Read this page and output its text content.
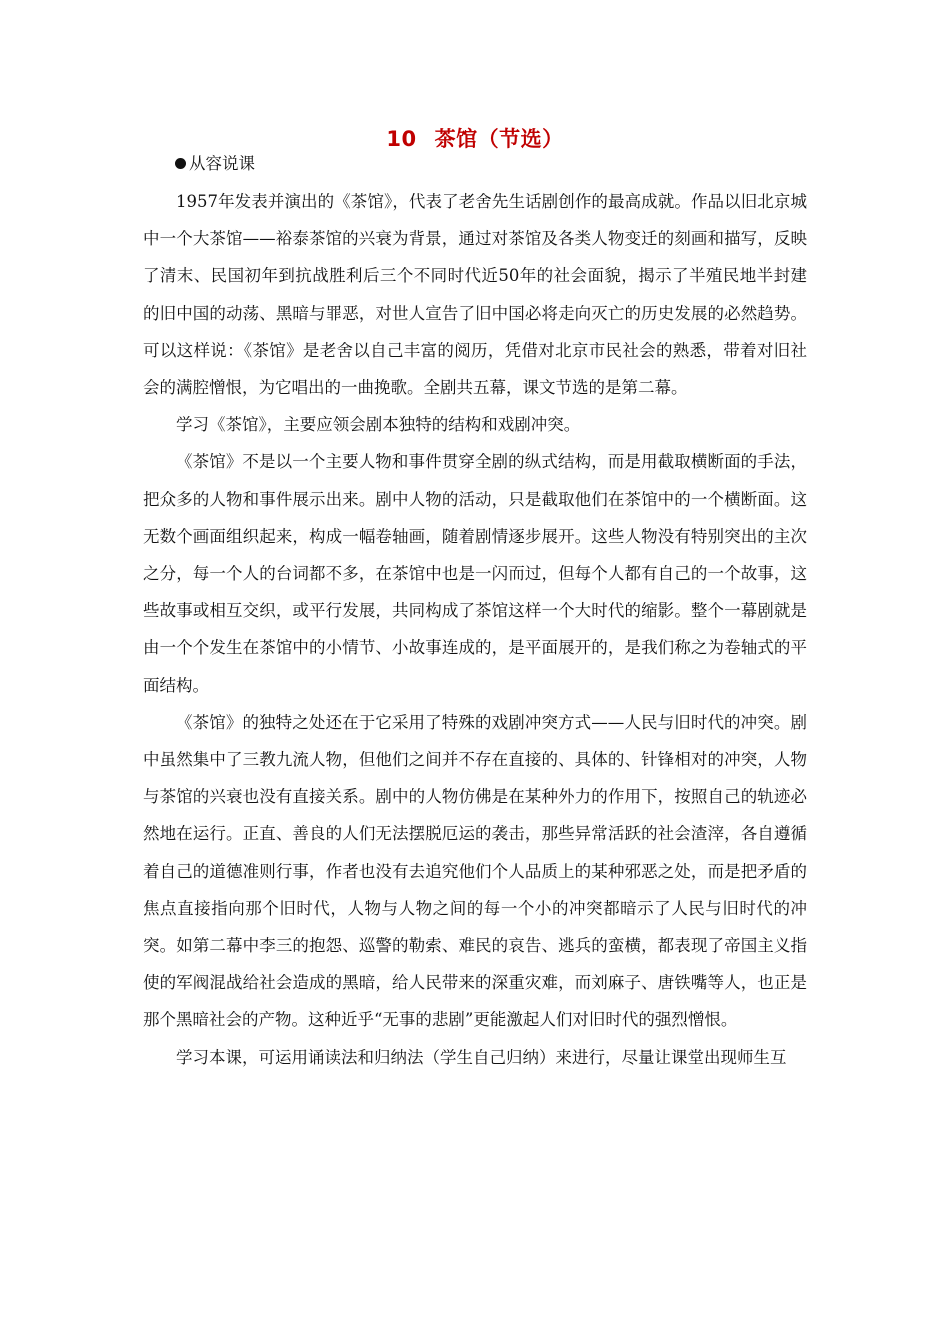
10 茶馆（节选）
从容说课

1957年发表并演出的《茶馆》，代表了老舍先生话剧创作的最高成就。作品以旧北京城中一个大茶馆——裕泰茶馆的兴衰为背景，通过对茶馆及各类人物变迁的刻画和描写，反映了清末、民国初年到抗战胜利后三个不同时代近50年的社会面貌，揭示了半殖民地半封建的旧中国的动荡、黑暗与罪恶，对世人宣告了旧中国必将走向灭亡的历史发展的必然趋势。可以这样说：《茶馆》是老舍以自己丰富的阅历，凭借对北京市民社会的熟悉，带着对旧社会的满腔憎恨，为它唱出的一曲挽歌。全剧共五幕，课文节选的是第二幕。

学习《茶馆》，主要应领会剧本独特的结构和戏剧冲突。

《茶馆》不是以一个主要人物和事件贯穿全剧的纵式结构，而是用截取横断面的手法，把众多的人物和事件展示出来。剧中人物的活动，只是截取他们在茶馆中的一个横断面。这无数个画面组织起来，构成一幅卷轴画，随着剧情逐步展开。这些人物没有特别突出的主次之分，每一个人的台词都不多，在茶馆中也是一闪而过，但每个人都有自己的一个故事，这些故事或相互交织，或平行发展，共同构成了茶馆这样一个大时代的缩影。整个一幕剧就是由一个个发生在茶馆中的小情节、小故事连成的，是平面展开的，是我们称之为卷轴式的平面结构。

《茶馆》的独特之处还在于它采用了特殊的戏剧冲突方式——人民与旧时代的冲突。剧中虽然集中了三教九流人物，但他们之间并不存在直接的、具体的、针锋相对的冲突，人物与茶馆的兴衰也没有直接关系。剧中的人物仿佛是在某种外力的作用下，按照自己的轨迹必然地在运行。正直、善良的人们无法摆脱厄运的袭击，那些异常活跃的社会渣滓，各自遵循着自己的道德准则行事，作者也没有去追究他们个人品质上的某种邪恶之处，而是把矛盾的焦点直接指向那个旧时代，人物与人物之间的每一个小的冲突都暗示了人民与旧时代的冲突。如第二幕中李三的抱怨、巡警的勒索、难民的哀告、逃兵的蛮横，都表现了帝国主义指使的军阀混战给社会造成的黑暗，给人民带来的深重灾难，而刘麻子、唐铁嘴等人，也正是那个黑暗社会的产物。这种近乎“无事的悲剧”更能激起人们对旧时代的强烈憎恨。

学习本课，可运用诵读法和归纳法（学生自己归纳）来进行，尽量让课堂出现师生互
